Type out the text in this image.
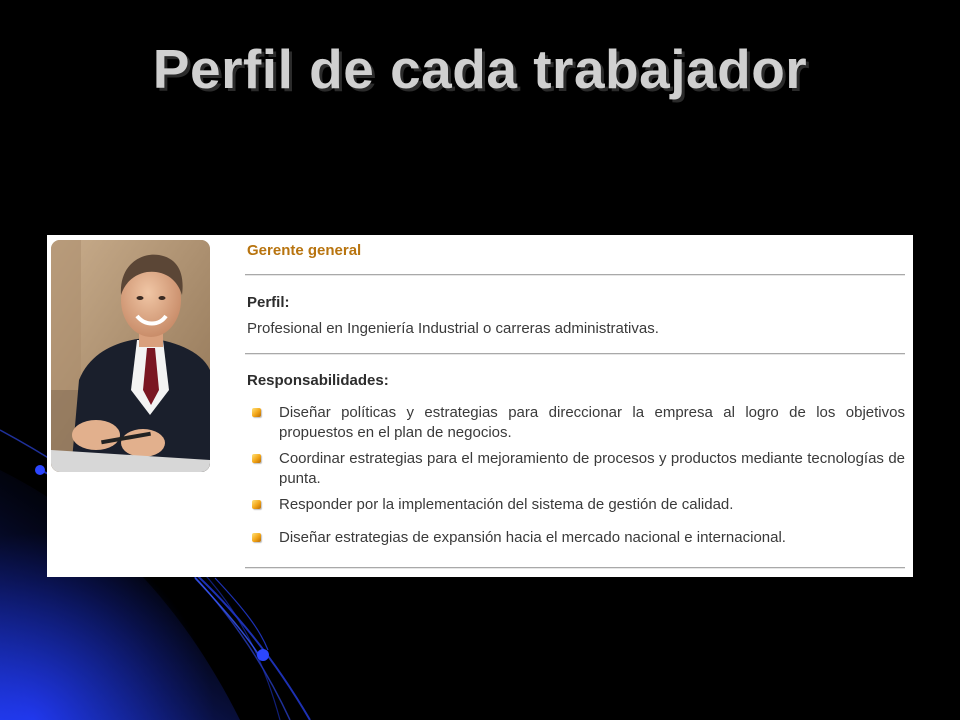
Perfil de cada trabajador
Gerente general
Perfil:
Profesional en Ingeniería Industrial o carreras administrativas.
Responsabilidades:
Diseñar políticas y estrategias para direccionar la empresa al logro de los objetivos propuestos en el plan de negocios.
Coordinar estrategias para el mejoramiento de procesos y productos mediante tecnologías de punta.
Responder por la implementación del sistema de gestión de calidad.
Diseñar estrategias de expansión hacia el mercado nacional e internacional.
